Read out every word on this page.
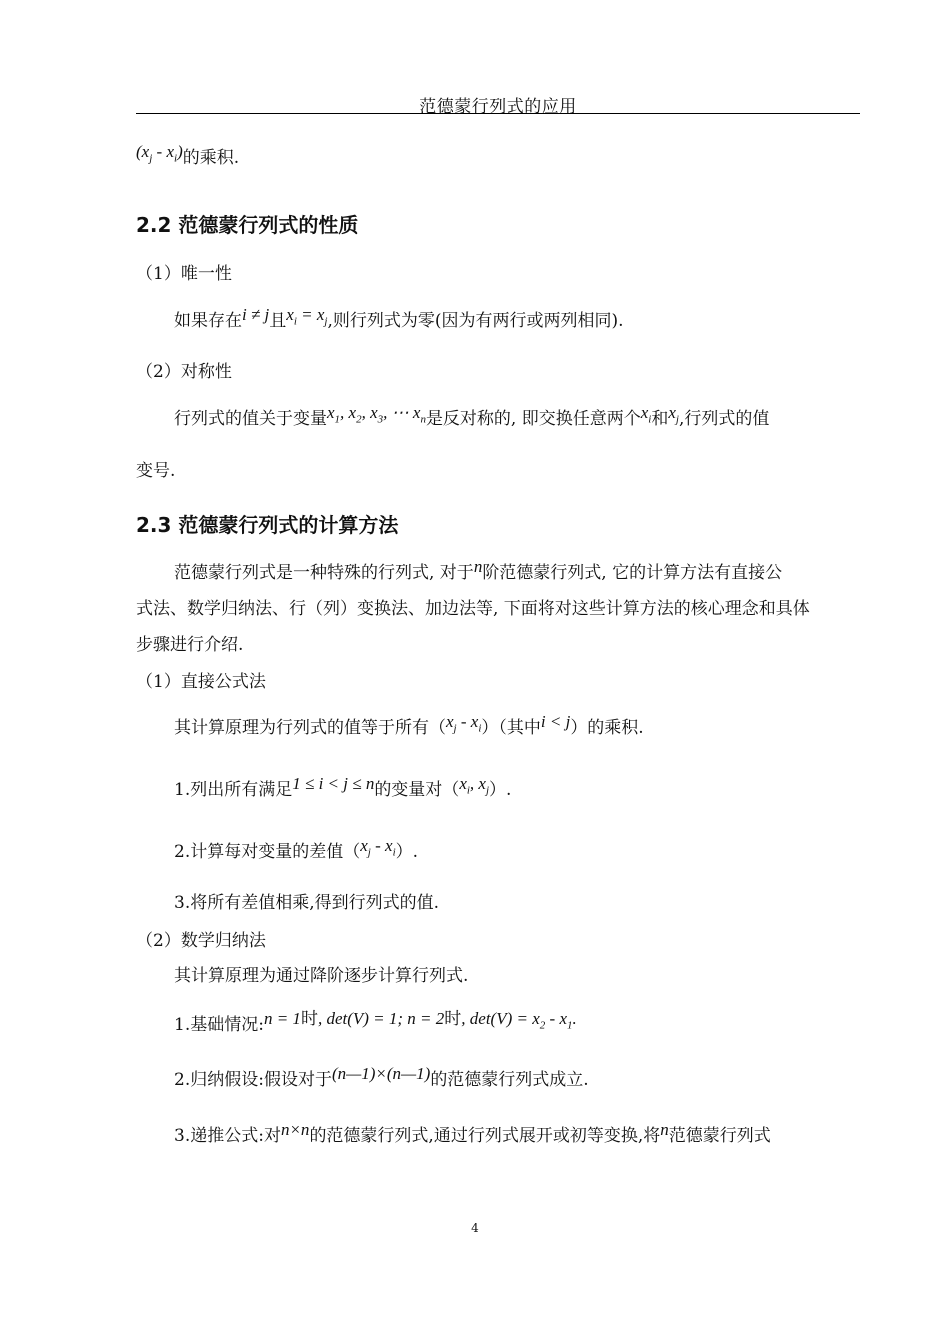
范德蒙行列式的应用
$(x_j - x_i)$的乘积.
2.2 范德蒙行列式的性质
（1）唯一性
如果存在i ≠ j且$x_i = x_j$,则行列式为零(因为有两行或两列相同).
（2）对称性
行列式的值关于变量$x_1$, $x_2$, $x_3$, ⋯ $x_n$是反对称的, 即交换任意两个$x_i$和$x_j$,行列式的值
变号.
2.3 范德蒙行列式的计算方法
范德蒙行列式是一种特殊的行列式, 对于n阶范德蒙行列式, 它的计算方法有直接公
式法、数学归纳法、行（列）变换法、加边法等, 下面将对这些计算方法的核心理念和具体
步骤进行介绍.
（1）直接公式法
其计算原理为行列式的值等于所有$(x_j - x_i)$（其中i < j）的乘积.
1.列出所有满足1 ≤ i < j ≤ n的变量对（$x_i$, $x_j$）.
2.计算每对变量的差值$(x_j - x_i)$.
3.将所有差值相乘,得到行列式的值.
（2）数学归纳法
其计算原理为通过降阶逐步计算行列式.
1.基础情况:n = 1时, det(V) = 1; n = 2时, $\det(V) = x_2 - x_1$.
2.归纳假设:假设对于(n—1)×(n—1)的范德蒙行列式成立.
3.递推公式:对n×n的范德蒙行列式,通过行列式展开或初等变换,将n范德蒙行列式
4
